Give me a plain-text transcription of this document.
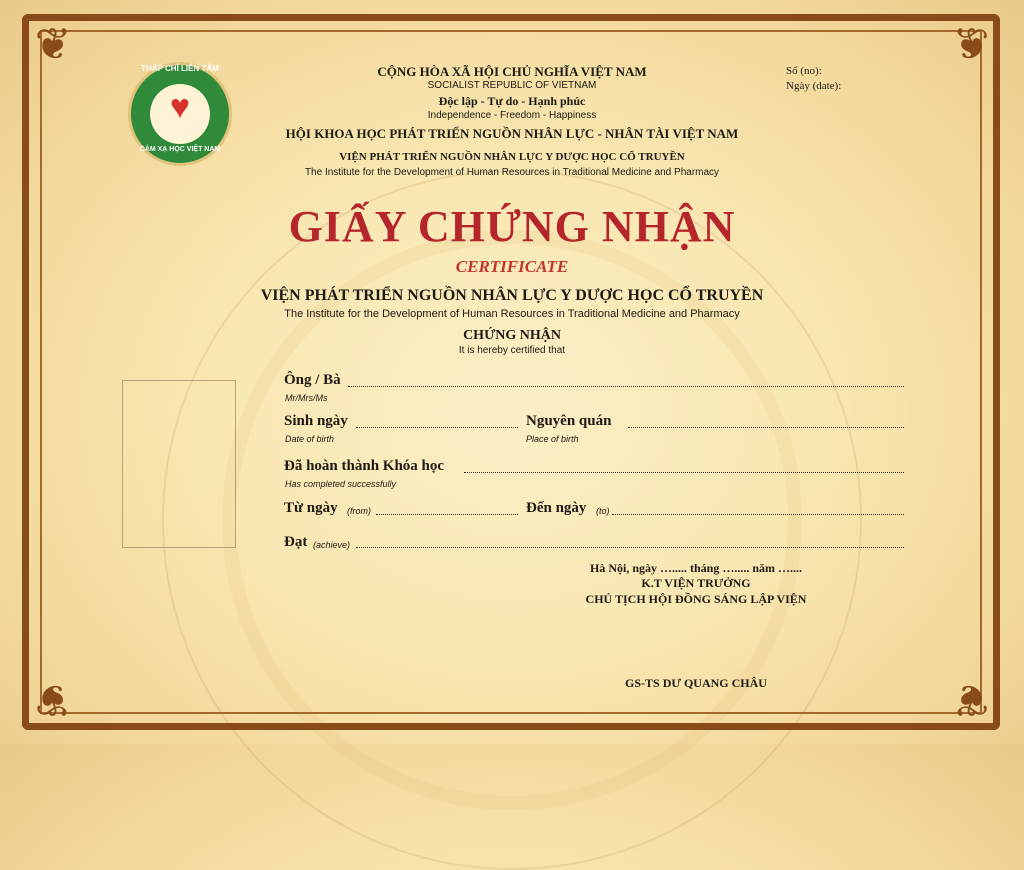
❦	❦
❦	❦
♥
THẮP CHÍ LIÊN TÂM
CẢM XẠ HỌC VIỆT NAM
CỘNG HÒA XÃ HỘI CHỦ NGHĨA VIỆT NAM
SOCIALIST REPUBLIC OF VIETNAM
Độc lập - Tự do - Hạnh phúc
Independence - Freedom - Happiness
HỘI KHOA HỌC PHÁT TRIỂN NGUỒN NHÂN LỰC - NHÂN TÀI VIỆT NAM
VIỆN PHÁT TRIỂN NGUỒN NHÂN LỰC Y DƯỢC HỌC CỔ TRUYỀN
The Institute for the Development of Human Resources in Traditional Medicine and Pharmacy
Số (no):
Ngày (date):
GIẤY CHỨNG NHẬN
CERTIFICATE
VIỆN PHÁT TRIỂN NGUỒN NHÂN LỰC Y DƯỢC HỌC CỔ TRUYỀN
The Institute for the Development of Human Resources in Traditional Medicine and Pharmacy
CHỨNG NHẬN
It is hereby certified that
Ông / Bà
Mr/Mrs/Ms
Sinh ngày
Date of birth
Nguyên quán
Place of birth
Đã hoàn thành Khóa học
Has completed successfully
Từ ngày (from)	Đến ngày (to)
Đạt (achieve)
Hà Nội, ngày …..... tháng …..... năm …....
K.T VIỆN TRƯỞNG
CHỦ TỊCH HỘI ĐỒNG SÁNG LẬP VIỆN
GS-TS DƯ QUANG CHÂU
